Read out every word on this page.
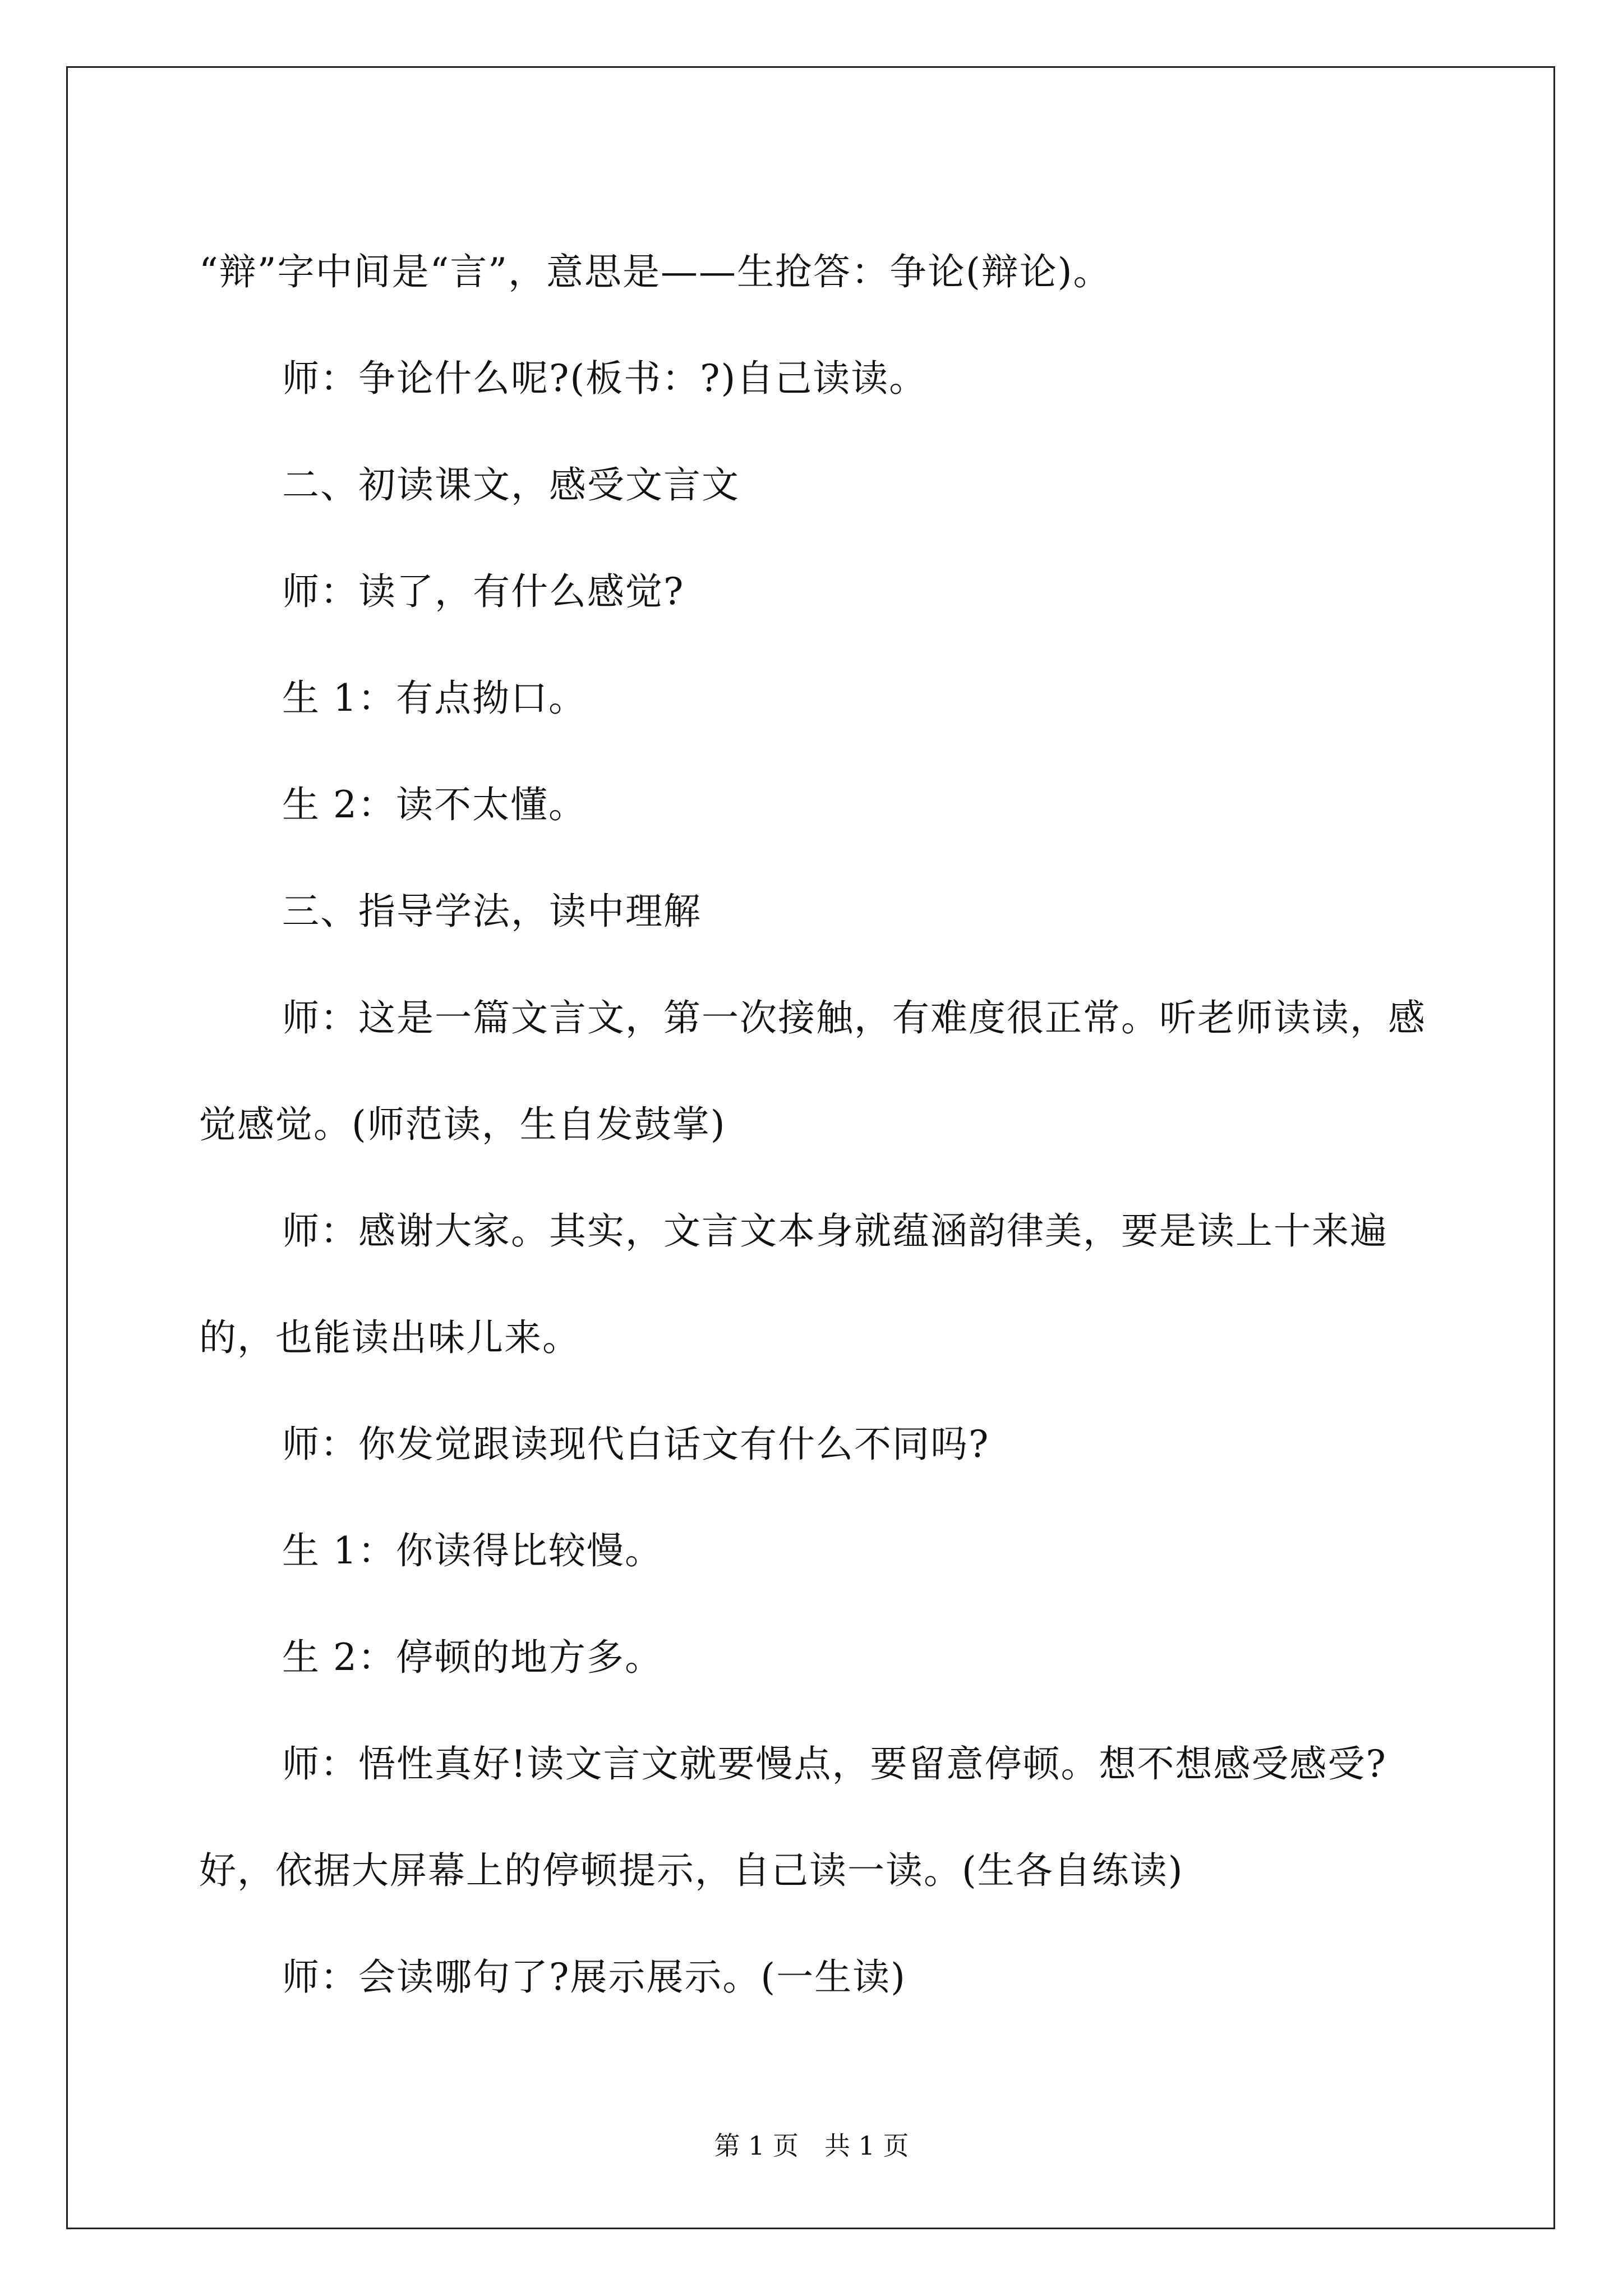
“辩”字中间是“言”，意思是——生抢答：争论(辩论)。

师：争论什么呢?(板书：?)自己读读。

二、初读课文，感受文言文

师：读了，有什么感觉?

生 1：有点拗口。

生 2：读不太懂。

三、指导学法，读中理解

师：这是一篇文言文，第一次接触，有难度很正常。听老师读读，感觉感觉。(师范读，生自发鼓掌)

师：感谢大家。其实，文言文本身就蕴涵韵律美，要是读上十来遍的，也能读出味儿来。

师：你发觉跟读现代白话文有什么不同吗?

生 1：你读得比较慢。

生 2：停顿的地方多。

师：悟性真好!读文言文就要慢点，要留意停顿。想不想感受感受?好，依据大屏幕上的停顿提示，自己读一读。(生各自练读)

师：会读哪句了?展示展示。(一生读)

第 1 页　共 1 页
